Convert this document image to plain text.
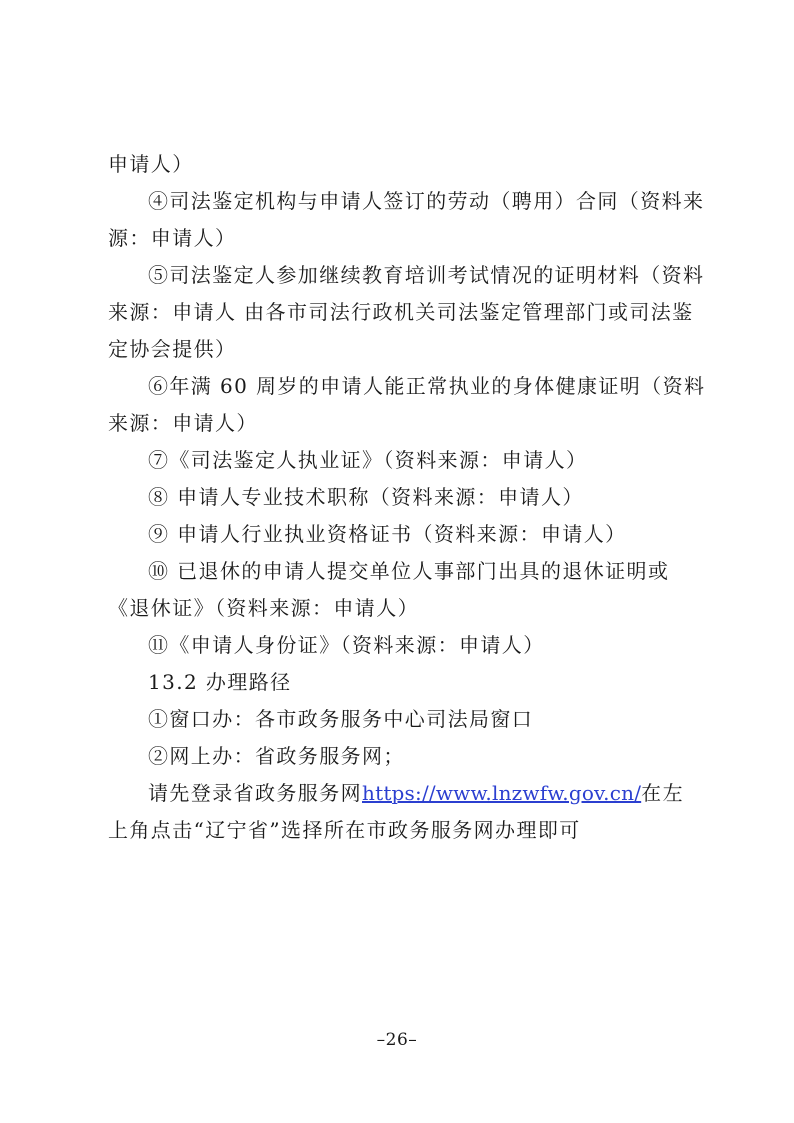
申请人）
④司法鉴定机构与申请人签订的劳动（聘用）合同（资料来
源：申请人）
⑤司法鉴定人参加继续教育培训考试情况的证明材料（资料
来源：申请人 由各市司法行政机关司法鉴定管理部门或司法鉴
定协会提供）
⑥年满 60 周岁的申请人能正常执业的身体健康证明（资料
来源：申请人）
⑦《司法鉴定人执业证》（资料来源：申请人）
⑧ 申请人专业技术职称（资料来源：申请人）
⑨ 申请人行业执业资格证书（资料来源：申请人）
⑩ 已退休的申请人提交单位人事部门出具的退休证明或
《退休证》（资料来源：申请人）
⑪《申请人身份证》（资料来源：申请人）
13.2 办理路径
①窗口办：各市政务服务中心司法局窗口
②网上办：省政务服务网；
请先登录省政务服务网https://www.lnzwfw.gov.cn/在左
上角点击“辽宁省”选择所在市政务服务网办理即可
–26–
